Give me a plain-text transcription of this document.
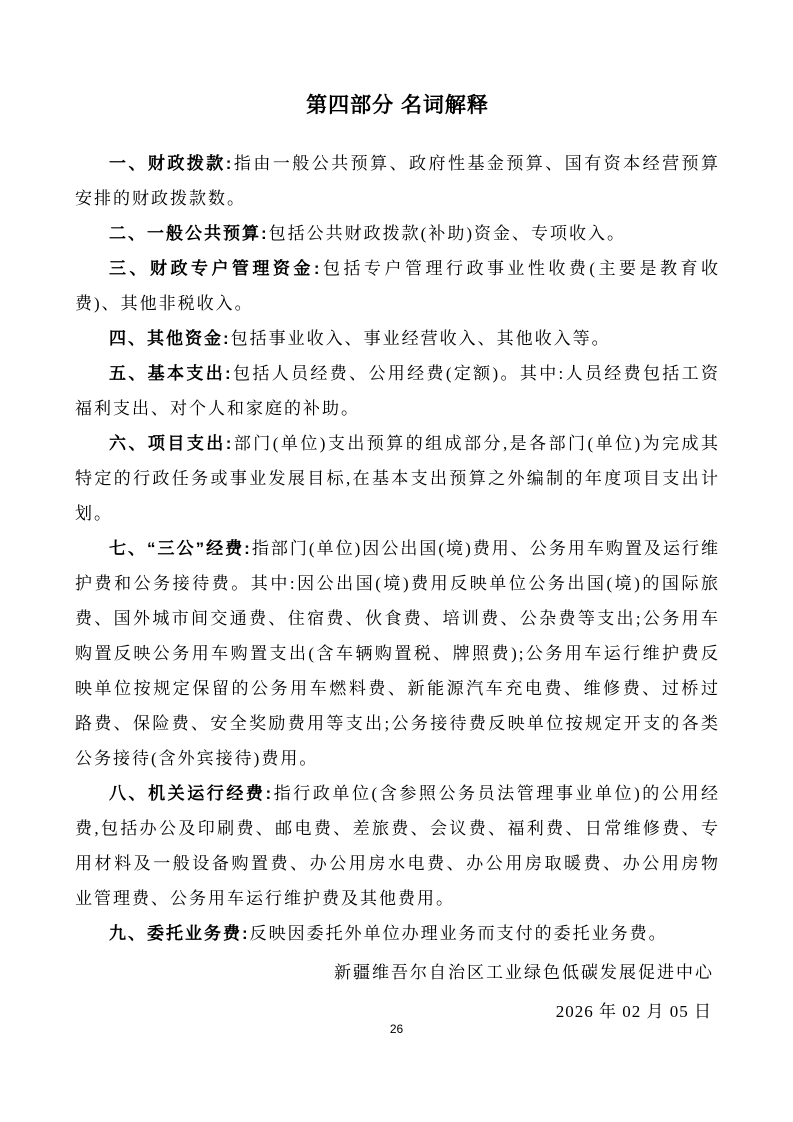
第四部分 名词解释

一、财政拨款:指由一般公共预算、政府性基金预算、国有资本经营预算安排的财政拨款数。

二、一般公共预算:包括公共财政拨款(补助)资金、专项收入。

三、财政专户管理资金:包括专户管理行政事业性收费(主要是教育收费)、其他非税收入。

四、其他资金:包括事业收入、事业经营收入、其他收入等。

五、基本支出:包括人员经费、公用经费(定额)。其中:人员经费包括工资福利支出、对个人和家庭的补助。

六、项目支出:部门(单位)支出预算的组成部分,是各部门(单位)为完成其特定的行政任务或事业发展目标,在基本支出预算之外编制的年度项目支出计划。

七、“三公”经费:指部门(单位)因公出国(境)费用、公务用车购置及运行维护费和公务接待费。其中:因公出国(境)费用反映单位公务出国(境)的国际旅费、国外城市间交通费、住宿费、伙食费、培训费、公杂费等支出;公务用车购置反映公务用车购置支出(含车辆购置税、牌照费);公务用车运行维护费反映单位按规定保留的公务用车燃料费、新能源汽车充电费、维修费、过桥过路费、保险费、安全奖励费用等支出;公务接待费反映单位按规定开支的各类公务接待(含外宾接待)费用。

八、机关运行经费:指行政单位(含参照公务员法管理事业单位)的公用经费,包括办公及印刷费、邮电费、差旅费、会议费、福利费、日常维修费、专用材料及一般设备购置费、办公用房水电费、办公用房取暖费、办公用房物业管理费、公务用车运行维护费及其他费用。

九、委托业务费:反映因委托外单位办理业务而支付的委托业务费。

新疆维吾尔自治区工业绿色低碳发展促进中心

2026 年 02 月 05 日

26
